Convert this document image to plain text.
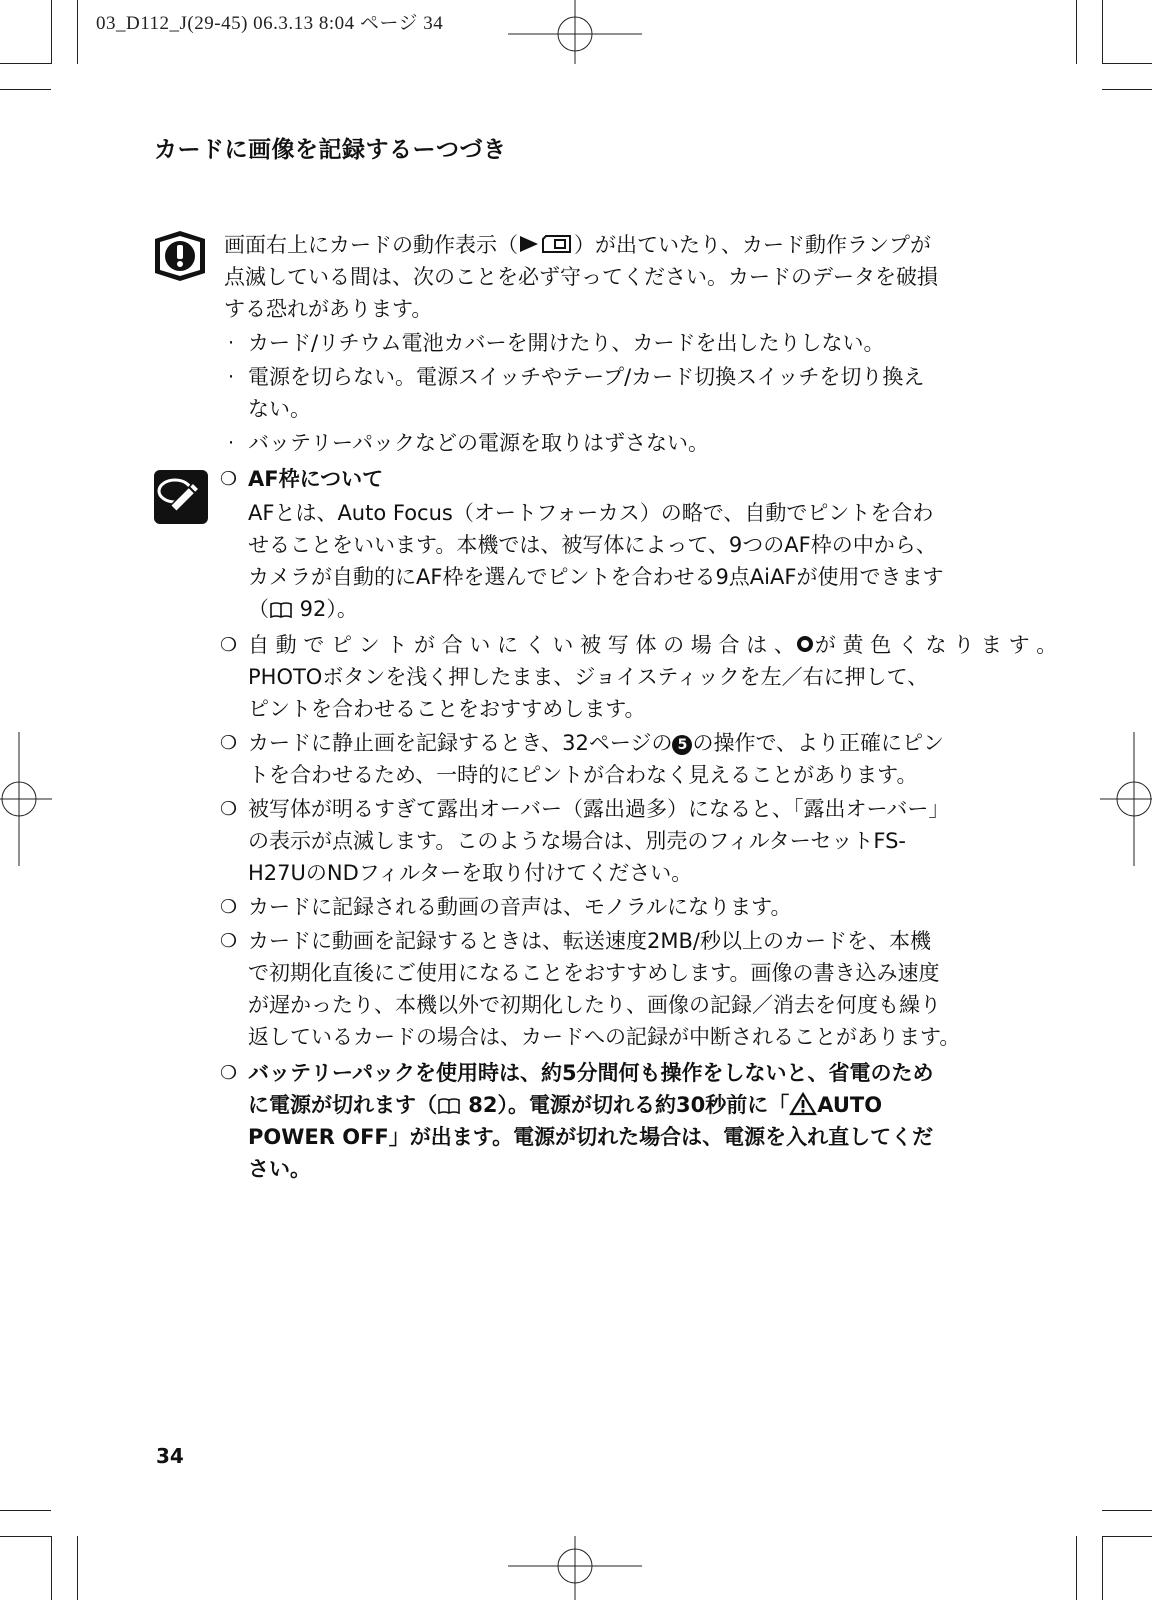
03_D112_J(29-45) 06.3.13 8:04 ページ 34
カードに画像を記録するーつづき
画面右上にカードの動作表示（	）が出ていたり、カード動作ランプが
点滅している間は、次のことを必ず守ってください。カードのデータを破損
する恐れがあります。
· カード/リチウム電池カバーを開けたり、カードを出したりしない。
· 電源を切らない。電源スイッチやテープ/カード切換スイッチを切り換え
ない。
· バッテリーパックなどの電源を取りはずさない。
❍ AF枠について
AFとは、Auto Focus（オートフォーカス）の略で、自動でピントを合わ
せることをいいます。本機では、被写体によって、9つのAF枠の中から、
カメラが自動的にAF枠を選んでピントを合わせる9点AiAFが使用できます
（ 92）。
❍ 自 動 で ピ ン ト が 合 い に く い 被 写 体 の 場 合 は 、 が 黄 色 く な り ま す 。
PHOTOボタンを浅く押したまま、ジョイスティックを左／右に押して、
ピントを合わせることをおすすめします。
❍ カードに静止画を記録するとき、32ページの 5 の操作で、より正確にピン
トを合わせるため、一時的にピントが合わなく見えることがあります。
❍ 被写体が明るすぎて露出オーバー（露出過多）になると、「露出オーバー」
の表示が点滅します。このような場合は、別売のフィルターセットFS-
H27UのNDフィルターを取り付けてください。
❍ カードに記録される動画の音声は、モノラルになります。
❍ カードに動画を記録するときは、転送速度2MB/秒以上のカードを、本機
で初期化直後にご使用になることをおすすめします。画像の書き込み速度
が遅かったり、本機以外で初期化したり、画像の記録／消去を何度も繰り
返しているカードの場合は、カードへの記録が中断されることがあります。
❍ バッテリーパックを使用時は、約5分間何も操作をしないと、省電のため
に電源が切れます（ 82）。電源が切れる約30秒前に「 AUTO
POWER OFF」が出ます。電源が切れた場合は、電源を入れ直してくだ
さい。
34
